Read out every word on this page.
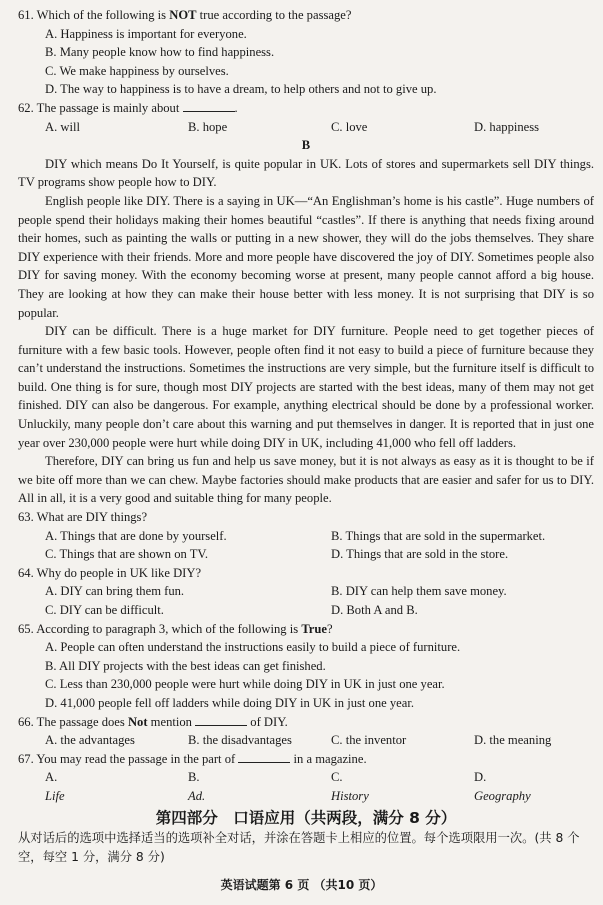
61. Which of the following is NOT true according to the passage?

A. Happiness is important for everyone.

B. Many people know how to find happiness.

C. We make happiness by ourselves.

D. The way to happiness is to have a dream, to help others and not to give up.

62. The passage is mainly about	.

A. will	B. hope	C. love	D. happiness

B

DIY which means Do It Yourself, is quite popular in UK. Lots of stores and supermarkets sell DIY things. TV programs show people how to DIY.

English people like DIY. There is a saying in UK—“An Englishman’s home is his castle”. Huge numbers of people spend their holidays making their homes beautiful “castles”. If there is anything that needs fixing around their homes, such as painting the walls or putting in a new shower, they will do the jobs themselves. They share DIY experience with their friends. More and more people have discovered the joy of DIY. Sometimes people also DIY for saving money. With the economy becoming worse at present, many people cannot afford a big house. They are looking at how they can make their house better with less money. It is not surprising that DIY is so popular.

DIY can be difficult. There is a huge market for DIY furniture. People need to get together pieces of furniture with a few basic tools. However, people often find it not easy to build a piece of furniture because they can’t understand the instructions. Sometimes the instructions are very simple, but the furniture itself is difficult to build. One thing is for sure, though most DIY projects are started with the best ideas, many of them may not get finished. DIY can also be dangerous. For example, anything electrical should be done by a professional worker. Unluckily, many people don’t care about this warning and put themselves in danger. It is reported that in just one year over 230,000 people were hurt while doing DIY in UK, including 41,000 who fell off ladders.

Therefore, DIY can bring us fun and help us save money, but it is not always as easy as it is thought to be if we bite off more than we can chew. Maybe factories should make products that are easier and safer for us to DIY. All in all, it is a very good and suitable thing for many people.

63. What are DIY things?

A. Things that are done by yourself.	B. Things that are sold in the supermarket.
C. Things that are shown on TV.	D. Things that are sold in the store.

64. Why do people in UK like DIY?

A. DIY can bring them fun.	B. DIY can help them save money.
C. DIY can be difficult.	D. Both A and B.

65. According to paragraph 3, which of the following is True?

A. People can often understand the instructions easily to build a piece of furniture.

B. All DIY projects with the best ideas can get finished.

C. Less than 230,000 people were hurt while doing DIY in UK in just one year.

D. 41,000 people fell off ladders while doing DIY in UK in just one year.

66. The passage does Not mention	of DIY.

A. the advantages	B. the disadvantages	C. the inventor	D. the meaning

67. You may read the passage in the part of	in a magazine.

A.
Life
B.
Ad.
C.
History
D.
Geography

第四部分　口语应用（共两段，满分 8 分）

从对话后的选项中选择适当的选项补全对话，并涂在答题卡上相应的位置。每个选项限用一次。(共 8 个空，每空 1 分，满分 8 分)

英语试题第 6 页 （共10 页）
